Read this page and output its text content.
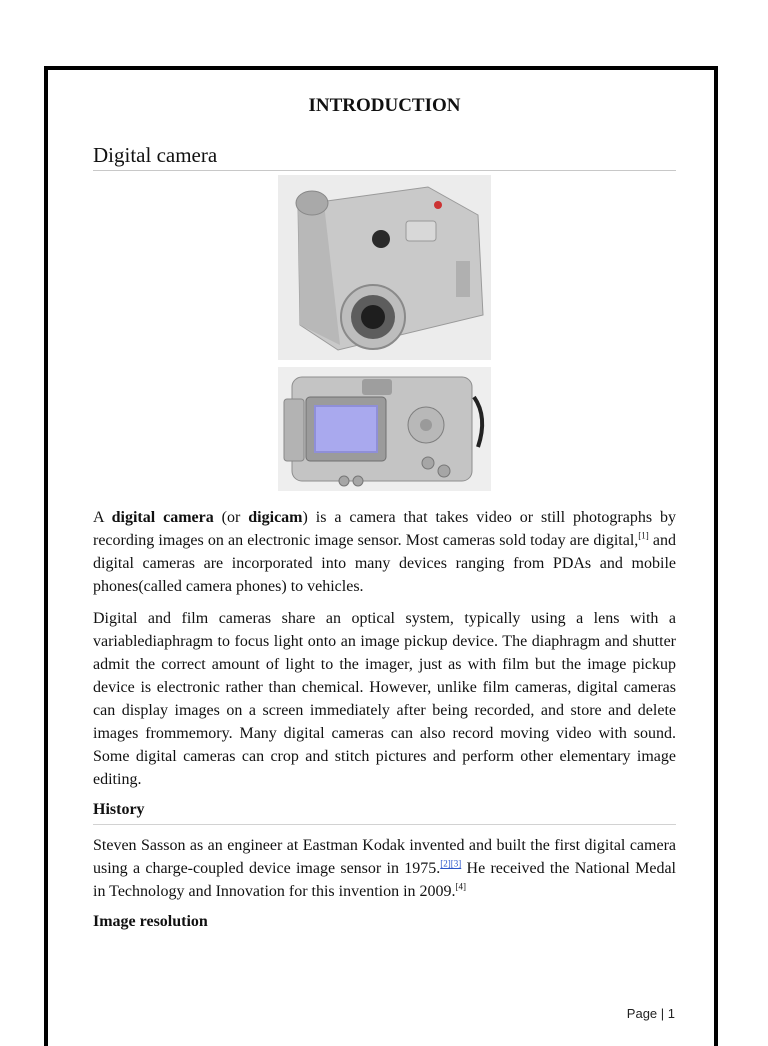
INTRODUCTION
Digital camera

A digital camera (or digicam) is a camera that takes video or still photographs by recording images on an electronic image sensor. Most cameras sold today are digital,[1] and digital cameras are incorporated into many devices ranging from PDAs and mobile phones(called camera phones) to vehicles.

Digital and film cameras share an optical system, typically using a lens with a variablediaphragm to focus light onto an image pickup device. The diaphragm and shutter admit the correct amount of light to the imager, just as with film but the image pickup device is electronic rather than chemical. However, unlike film cameras, digital cameras can display images on a screen immediately after being recorded, and store and delete images frommemory. Many digital cameras can also record moving video with sound. Some digital cameras can crop and stitch pictures and perform other elementary image editing.

History

Steven Sasson as an engineer at Eastman Kodak invented and built the first digital camera using a charge-coupled device image sensor in 1975.[2][3] He received the National Medal in Technology and Innovation for this invention in 2009.[4]

Image resolution
Page | 1
